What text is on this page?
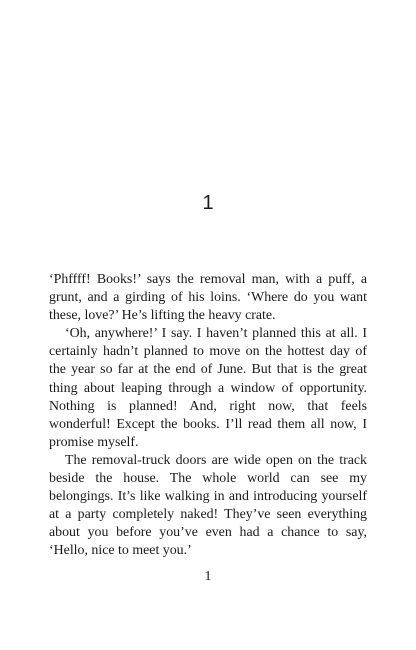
1

‘Phffff! Books!’ says the removal man, with a puff, a grunt, and a girding of his loins. ‘Where do you want these, love?’ He’s lifting the heavy crate.

‘Oh, anywhere!’ I say. I haven’t planned this at all. I certainly hadn’t planned to move on the hottest day of the year so far at the end of June. But that is the great thing about leaping through a window of opportunity. Nothing is planned! And, right now, that feels wonderful! Except the books. I’ll read them all now, I promise myself.

The removal-truck doors are wide open on the track beside the house. The whole world can see my belongings. It’s like walking in and introducing yourself at a party completely naked! They’ve seen everything about you before you’ve even had a chance to say, ‘Hello, nice to meet you.’

1
